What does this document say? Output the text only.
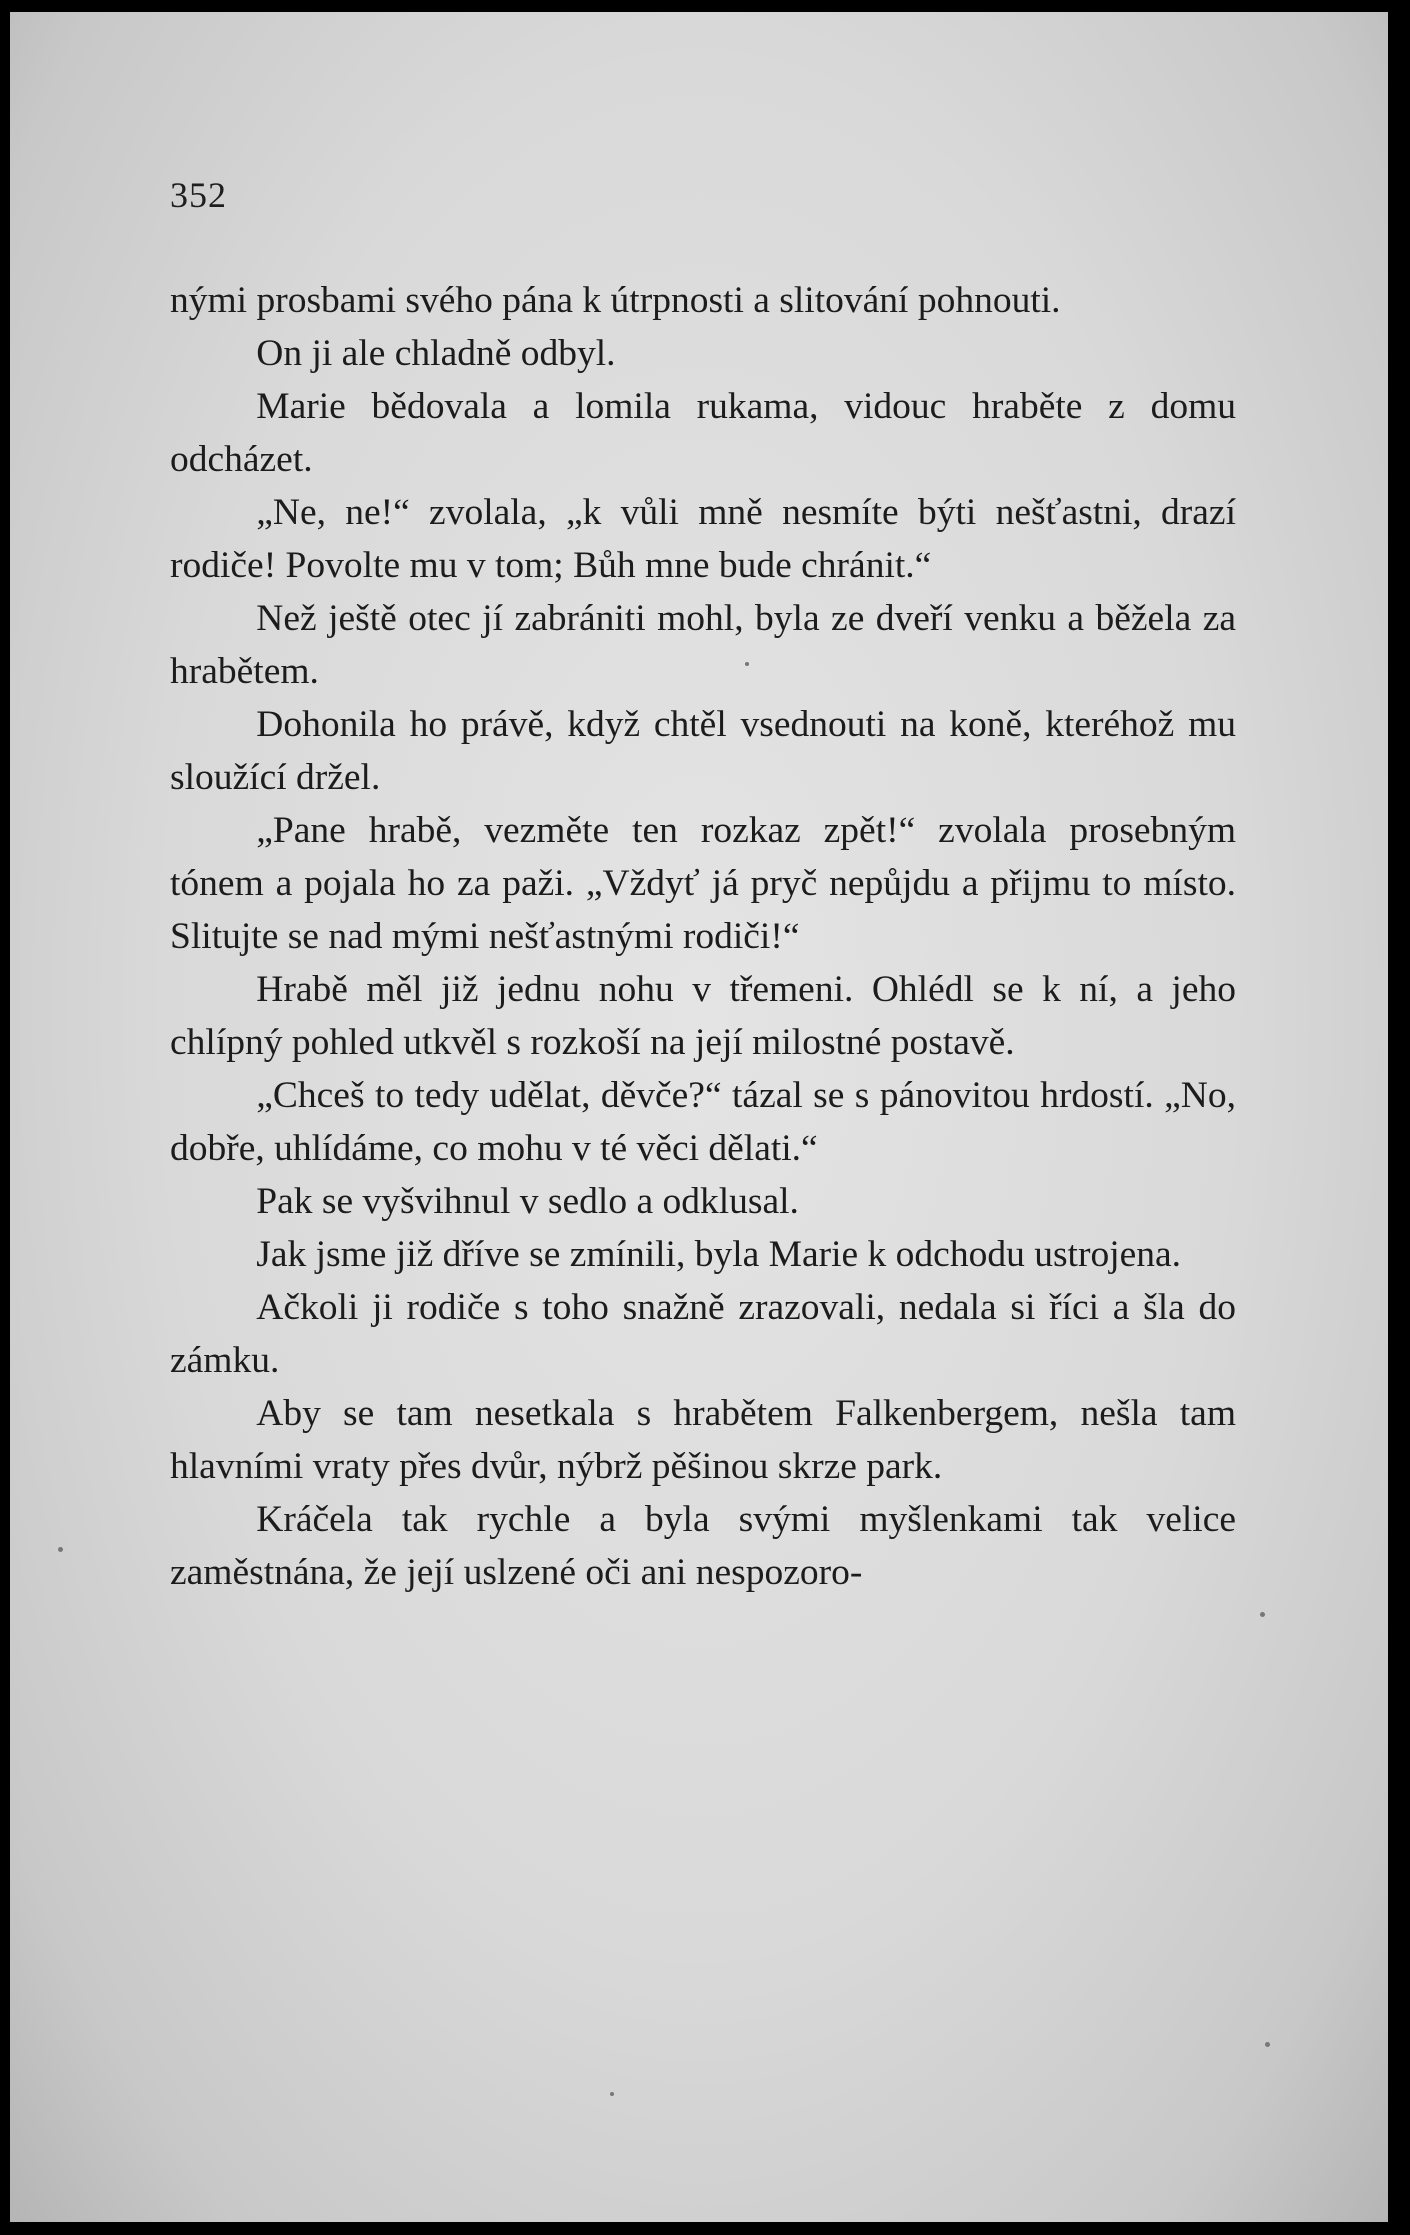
352

nými prosbami svého pána k útrpnosti a slitování pohnouti.

On ji ale chladně odbyl.

Marie bědovala a lomila rukama, vidouc hraběte z domu odcházet.

„Ne, ne!“ zvolala, „k vůli mně nesmíte býti nešťastni, drazí rodiče! Povolte mu v tom; Bůh mne bude chránit.“

Než ještě otec jí zabrániti mohl, byla ze dveří venku a běžela za hrabětem.

Dohonila ho právě, když chtěl vsednouti na koně, kteréhož mu sloužící držel.

„Pane hrabě, vezměte ten rozkaz zpět!“ zvolala prosebným tónem a pojala ho za paži. „Vždyť já pryč nepůjdu a přijmu to místo. Slitujte se nad mými nešťastnými rodiči!“

Hrabě měl již jednu nohu v třemeni. Ohlédl se k ní, a jeho chlípný pohled utkvěl s rozkoší na její milostné postavě.

„Chceš to tedy udělat, děvče?“ tázal se s pánovitou hrdostí. „No, dobře, uhlídáme, co mohu v té věci dělati.“

Pak se vyšvihnul v sedlo a odklusal.

Jak jsme již dříve se zmínili, byla Marie k odchodu ustrojena.

Ačkoli ji rodiče s toho snažně zrazovali, nedala si říci a šla do zámku.

Aby se tam nesetkala s hrabětem Falkenbergem, nešla tam hlavními vraty přes dvůr, nýbrž pěšinou skrze park.

Kráčela tak rychle a byla svými myšlenkami tak velice zaměstnána, že její uslzené oči ani nespozoro-
